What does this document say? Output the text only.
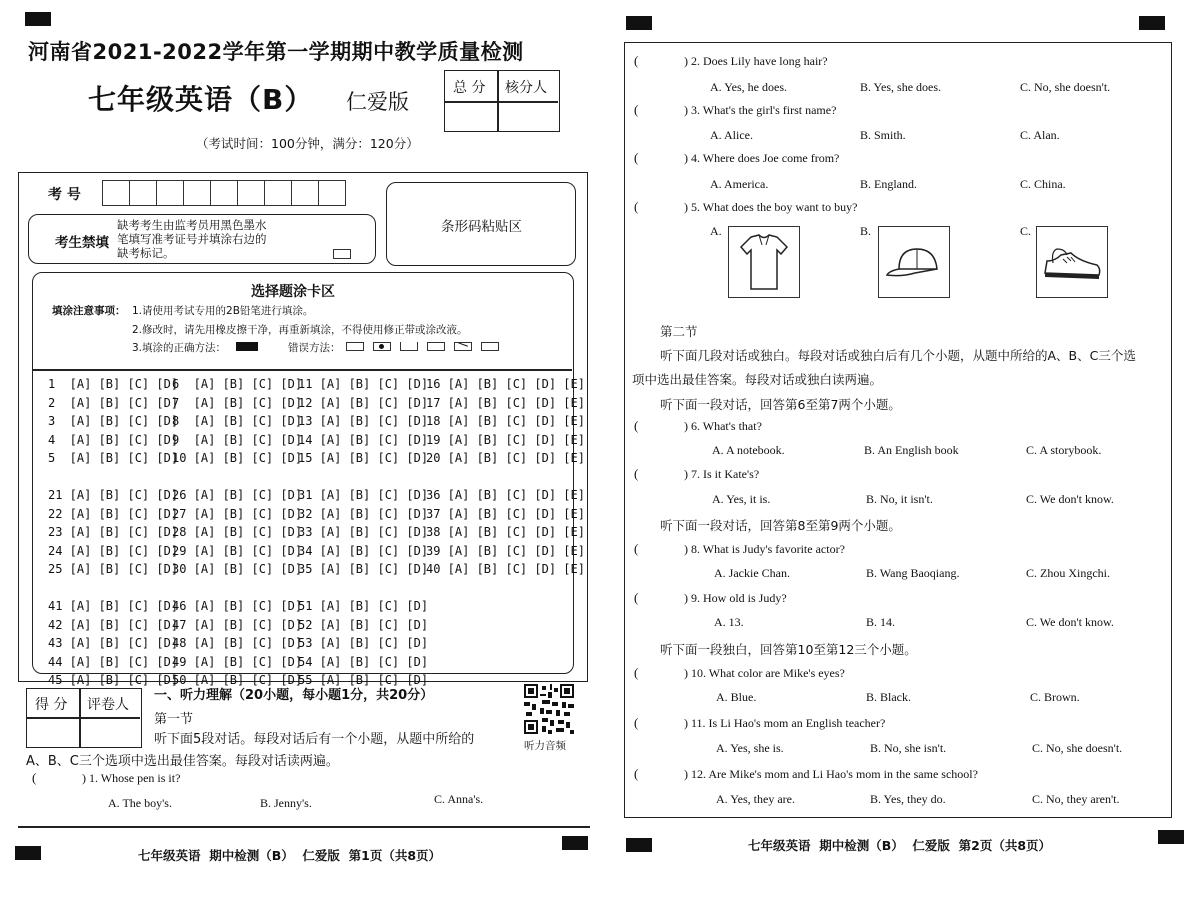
河南省2021-2022学年第一学期期中教学质量检测
七年级英语（B） 仁爱版
（考试时间：100分钟，满分：120分）
总 分 核分人
考 号
考生禁填
缺考考生由监考员用黑色墨水
笔填写准考证号并填涂右边的
缺考标记。
条形码粘贴区
选择题涂卡区
填涂注意事项： 1.请使用考试专用的2B铅笔进行填涂。
2.修改时，请先用橡皮擦干净，再重新填涂，不得使用修正带或涂改液。
3.填涂的正确方法：	错误方法：
1  [A] [B] [C] [D]
2  [A] [B] [C] [D]
3  [A] [B] [C] [D]
4  [A] [B] [C] [D]
5  [A] [B] [C] [D]

21 [A] [B] [C] [D]
22 [A] [B] [C] [D]
23 [A] [B] [C] [D]
24 [A] [B] [C] [D]
25 [A] [B] [C] [D]

41 [A] [B] [C] [D]
42 [A] [B] [C] [D]
43 [A] [B] [C] [D]
44 [A] [B] [C] [D]
45 [A] [B] [C] [D]
6  [A] [B] [C] [D]
7  [A] [B] [C] [D]
8  [A] [B] [C] [D]
9  [A] [B] [C] [D]
10 [A] [B] [C] [D]

26 [A] [B] [C] [D]
27 [A] [B] [C] [D]
28 [A] [B] [C] [D]
29 [A] [B] [C] [D]
30 [A] [B] [C] [D]

46 [A] [B] [C] [D]
47 [A] [B] [C] [D]
48 [A] [B] [C] [D]
49 [A] [B] [C] [D]
50 [A] [B] [C] [D]
11 [A] [B] [C] [D]
12 [A] [B] [C] [D]
13 [A] [B] [C] [D]
14 [A] [B] [C] [D]
15 [A] [B] [C] [D]

31 [A] [B] [C] [D]
32 [A] [B] [C] [D]
33 [A] [B] [C] [D]
34 [A] [B] [C] [D]
35 [A] [B] [C] [D]

51 [A] [B] [C] [D]
52 [A] [B] [C] [D]
53 [A] [B] [C] [D]
54 [A] [B] [C] [D]
55 [A] [B] [C] [D]
16 [A] [B] [C] [D] [E]
17 [A] [B] [C] [D] [E]
18 [A] [B] [C] [D] [E]
19 [A] [B] [C] [D] [E]
20 [A] [B] [C] [D] [E]

36 [A] [B] [C] [D] [E]
37 [A] [B] [C] [D] [E]
38 [A] [B] [C] [D] [E]
39 [A] [B] [C] [D] [E]
40 [A] [B] [C] [D] [E]
得 分 评卷人
一、听力理解（20小题，每小题1分，共20分）
第一节
听下面5段对话。每段对话后有一个小题，从题中所给的
A、B、C三个选项中选出最佳答案。每段对话读两遍。
听力音频
(	) 1. Whose pen is it?
A. The boy's.	B. Jenny's.	C. Anna's.
七年级英语  期中检测（B）  仁爱版  第1页（共8页）
(	) 2. Does Lily have long hair?
A. Yes, he does.	B. Yes, she does.	C. No, she doesn't.
(	) 3. What's the girl's first name?
A. Alice.	B. Smith.	C. Alan.
(	) 4. Where does Joe come from?
A. America.	B. England.	C. China.
(	) 5. What does the boy want to buy?
A.	B.	C.
第二节
听下面几段对话或独白。每段对话或独白后有几个小题，从题中所给的A、B、C三个选
项中选出最佳答案。每段对话或独白读两遍。
听下面一段对话，回答第6至第7两个小题。
(	) 6. What's that?
A. A notebook.	B. An English book	C. A storybook.
(	) 7. Is it Kate's?
A. Yes, it is.	B. No, it isn't.	C. We don't know.
听下面一段对话，回答第8至第9两个小题。
(	) 8. What is Judy's favorite actor?
A. Jackie Chan.	B. Wang Baoqiang.	C. Zhou Xingchi.
(	) 9. How old is Judy?
A. 13.	B. 14.	C. We don't know.
听下面一段独白，回答第10至第12三个小题。
(	) 10. What color are Mike's eyes?
A. Blue.	B. Black.	C. Brown.
(	) 11. Is Li Hao's mom an English teacher?
A. Yes, she is.	B. No, she isn't.	C. No, she doesn't.
(	) 12. Are Mike's mom and Li Hao's mom in the same school?
A. Yes, they are.	B. Yes, they do.	C. No, they aren't.
七年级英语  期中检测（B）  仁爱版  第2页（共8页）
